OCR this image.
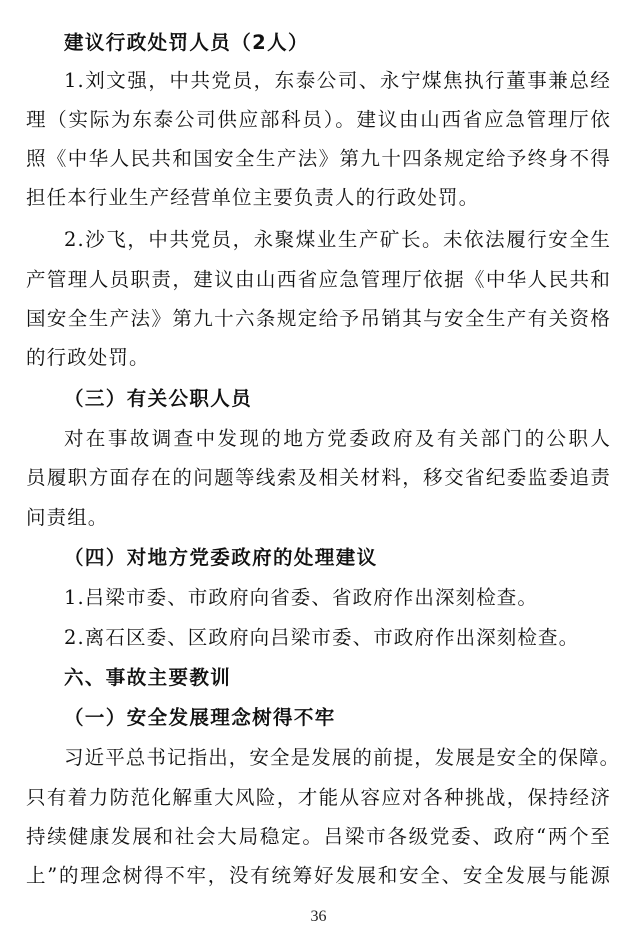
建议行政处罚人员（2人）
1.刘文强，中共党员，东泰公司、永宁煤焦执行董事兼总经
理（实际为东泰公司供应部科员）。建议由山西省应急管理厅依
照《中华人民共和国安全生产法》第九十四条规定给予终身不得
担任本行业生产经营单位主要负责人的行政处罚。
2.沙飞，中共党员，永聚煤业生产矿长。未依法履行安全生
产管理人员职责，建议由山西省应急管理厅依据《中华人民共和
国安全生产法》第九十六条规定给予吊销其与安全生产有关资格
的行政处罚。
（三）有关公职人员
对在事故调查中发现的地方党委政府及有关部门的公职人
员履职方面存在的问题等线索及相关材料，移交省纪委监委追责
问责组。
（四）对地方党委政府的处理建议
1.吕梁市委、市政府向省委、省政府作出深刻检查。
2.离石区委、区政府向吕梁市委、市政府作出深刻检查。
六、事故主要教训
（一）安全发展理念树得不牢
习近平总书记指出，安全是发展的前提，发展是安全的保障。
只有着力防范化解重大风险，才能从容应对各种挑战，保持经济
持续健康发展和社会大局稳定。吕梁市各级党委、政府“两个至
上”的理念树得不牢，没有统筹好发展和安全、安全发展与能源
36
